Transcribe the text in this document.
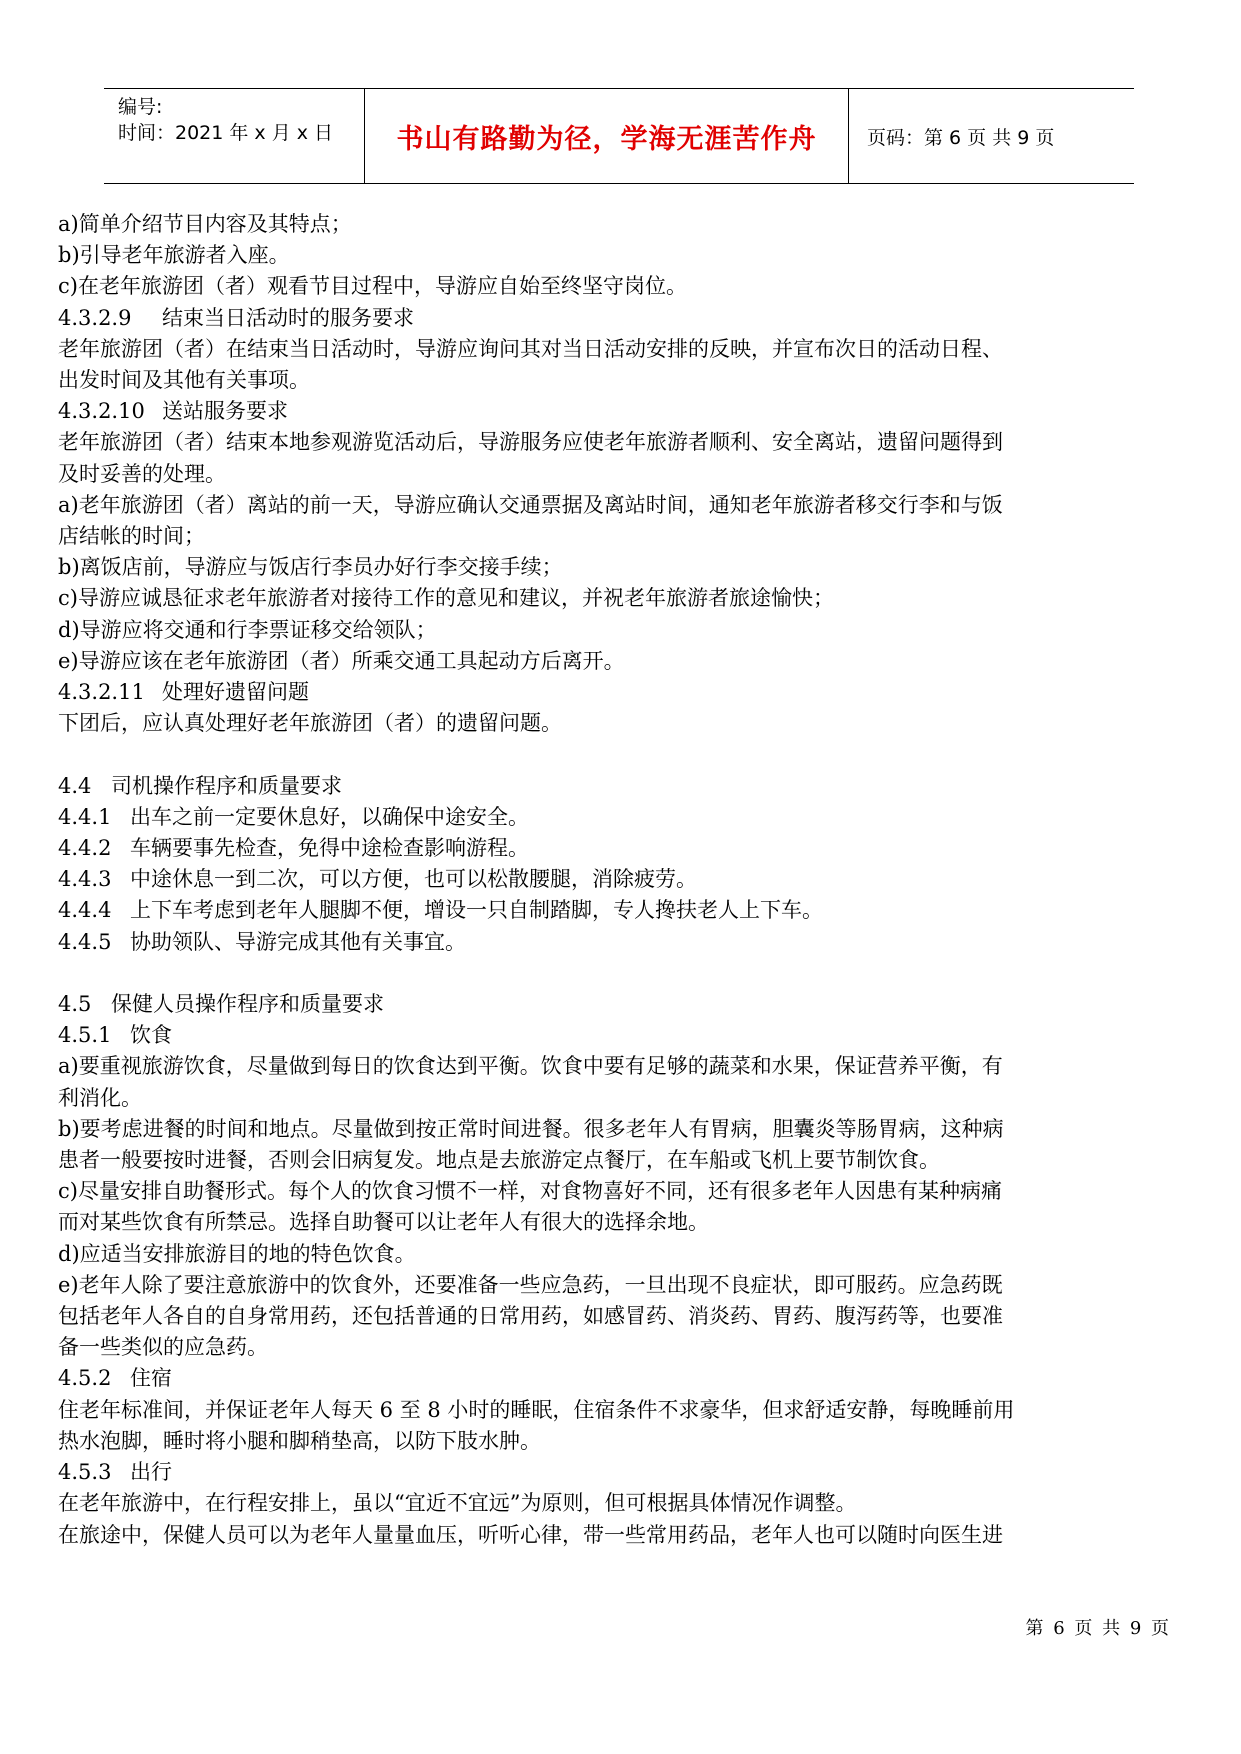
编号:
时间：2021 年 x 月 x 日 书山有路勤为径，学海无涯苦作舟	页码：第 6 页 共 9 页

a)简单介绍节目内容及其特点；

b)引导老年旅游者入座。

c)在老年旅游团（者）观看节目过程中，导游应自始至终坚守岗位。

4.3.2.9 结束当日活动时的服务要求

老年旅游团（者）在结束当日活动时，导游应询问其对当日活动安排的反映，并宣布次日的活动日程、

出发时间及其他有关事项。

4.3.2.10 送站服务要求

老年旅游团（者）结束本地参观游览活动后，导游服务应使老年旅游者顺利、安全离站，遗留问题得到

及时妥善的处理。

a)老年旅游团（者）离站的前一天，导游应确认交通票据及离站时间，通知老年旅游者移交行李和与饭

店结帐的时间；

b)离饭店前，导游应与饭店行李员办好行李交接手续；

c)导游应诚恳征求老年旅游者对接待工作的意见和建议，并祝老年旅游者旅途愉快；

d)导游应将交通和行李票证移交给领队；

e)导游应该在老年旅游团（者）所乘交通工具起动方后离开。

4.3.2.11 处理好遗留问题

下团后，应认真处理好老年旅游团（者）的遗留问题。

4.4 司机操作程序和质量要求

4.4.1 出车之前一定要休息好，以确保中途安全。

4.4.2 车辆要事先检查，免得中途检查影响游程。

4.4.3 中途休息一到二次，可以方便，也可以松散腰腿，消除疲劳。

4.4.4 上下车考虑到老年人腿脚不便，增设一只自制踏脚，专人搀扶老人上下车。

4.4.5 协助领队、导游完成其他有关事宜。

4.5 保健人员操作程序和质量要求

4.5.1 饮食

a)要重视旅游饮食，尽量做到每日的饮食达到平衡。饮食中要有足够的蔬菜和水果，保证营养平衡，有

利消化。

b)要考虑进餐的时间和地点。尽量做到按正常时间进餐。很多老年人有胃病，胆囊炎等肠胃病，这种病

患者一般要按时进餐，否则会旧病复发。地点是去旅游定点餐厅，在车船或飞机上要节制饮食。

c)尽量安排自助餐形式。每个人的饮食习惯不一样，对食物喜好不同，还有很多老年人因患有某种病痛

而对某些饮食有所禁忌。选择自助餐可以让老年人有很大的选择余地。

d)应适当安排旅游目的地的特色饮食。

e)老年人除了要注意旅游中的饮食外，还要准备一些应急药，一旦出现不良症状，即可服药。应急药既

包括老年人各自的自身常用药，还包括普通的日常用药，如感冒药、消炎药、胃药、腹泻药等，也要准

备一些类似的应急药。

4.5.2 住宿

住老年标准间，并保证老年人每天 6 至 8 小时的睡眠，住宿条件不求豪华，但求舒适安静，每晚睡前用

热水泡脚，睡时将小腿和脚稍垫高，以防下肢水肿。

4.5.3 出行

在老年旅游中，在行程安排上，虽以“宜近不宜远”为原则，但可根据具体情况作调整。

在旅途中，保健人员可以为老年人量量血压，听听心律，带一些常用药品，老年人也可以随时向医生进

第 6 页 共 9 页
